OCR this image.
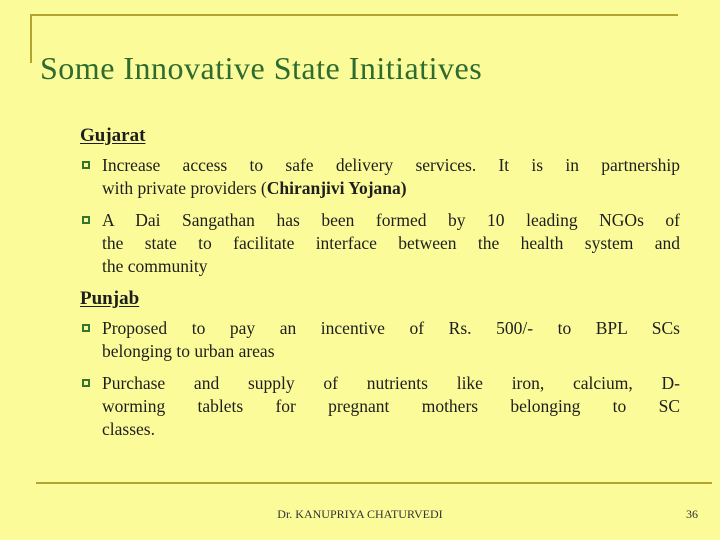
Some Innovative State Initiatives
Gujarat
Increase access to safe delivery services. It is in partnership
with private providers (Chiranjivi Yojana)
A Dai Sangathan has been formed by 10 leading NGOs of
the state to facilitate interface between the health system and
the community
Punjab
Proposed to pay an incentive of Rs. 500/- to BPL SCs
belonging to urban areas
Purchase and supply of nutrients like iron, calcium, D-
worming tablets for pregnant mothers belonging to SC
classes.
Dr. KANUPRIYA CHATURVEDI	36
